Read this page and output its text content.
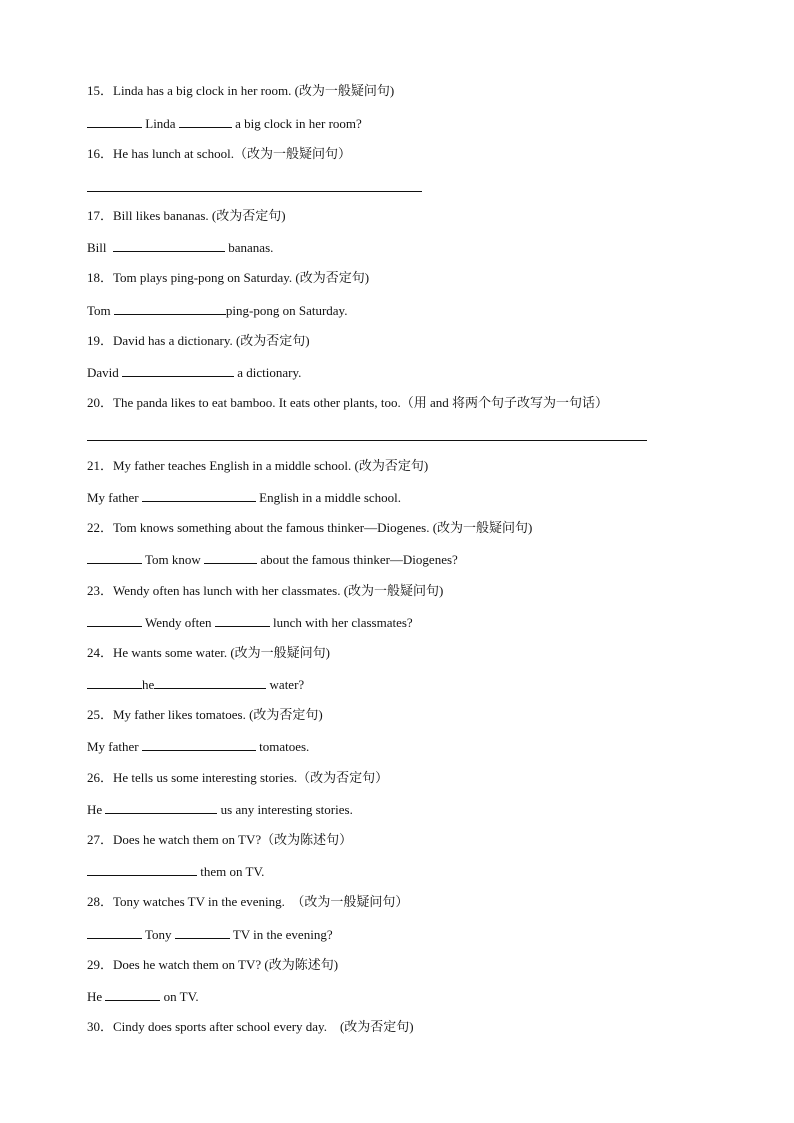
15．Linda has a big clock in her room. (改为一般疑问句)
Linda	a big clock in her room?
16．He has lunch at school.（改为一般疑问句）
17．Bill likes bananas. (改为否定句)
Bill	bananas.
18．Tom plays ping-pong on Saturday. (改为否定句)
Tom	ping-pong on Saturday.
19．David has a dictionary. (改为否定句)
David	a dictionary.
20．The panda likes to eat bamboo. It eats other plants, too.（用 and 将两个句子改写为一句话）
21．My father teaches English in a middle school. (改为否定句)
My father	English in a middle school.
22．Tom knows something about the famous thinker—Diogenes. (改为一般疑问句)
Tom know	about the famous thinker—Diogenes?
23．Wendy often has lunch with her classmates. (改为一般疑问句)
Wendy often	lunch with her classmates?
24．He wants some water. (改为一般疑问句)
he	water?
25．My father likes tomatoes. (改为否定句)
My father	tomatoes.
26．He tells us some interesting stories.（改为否定句）
He	us any interesting stories.
27．Does he watch them on TV?（改为陈述句）
them on TV.
28．Tony watches TV in the evening.　（改为一般疑问句）
Tony	TV in the evening?
29．Does he watch them on TV? (改为陈述句)
He	on TV.
30．Cindy does sports after school every day.　(改为否定句)
